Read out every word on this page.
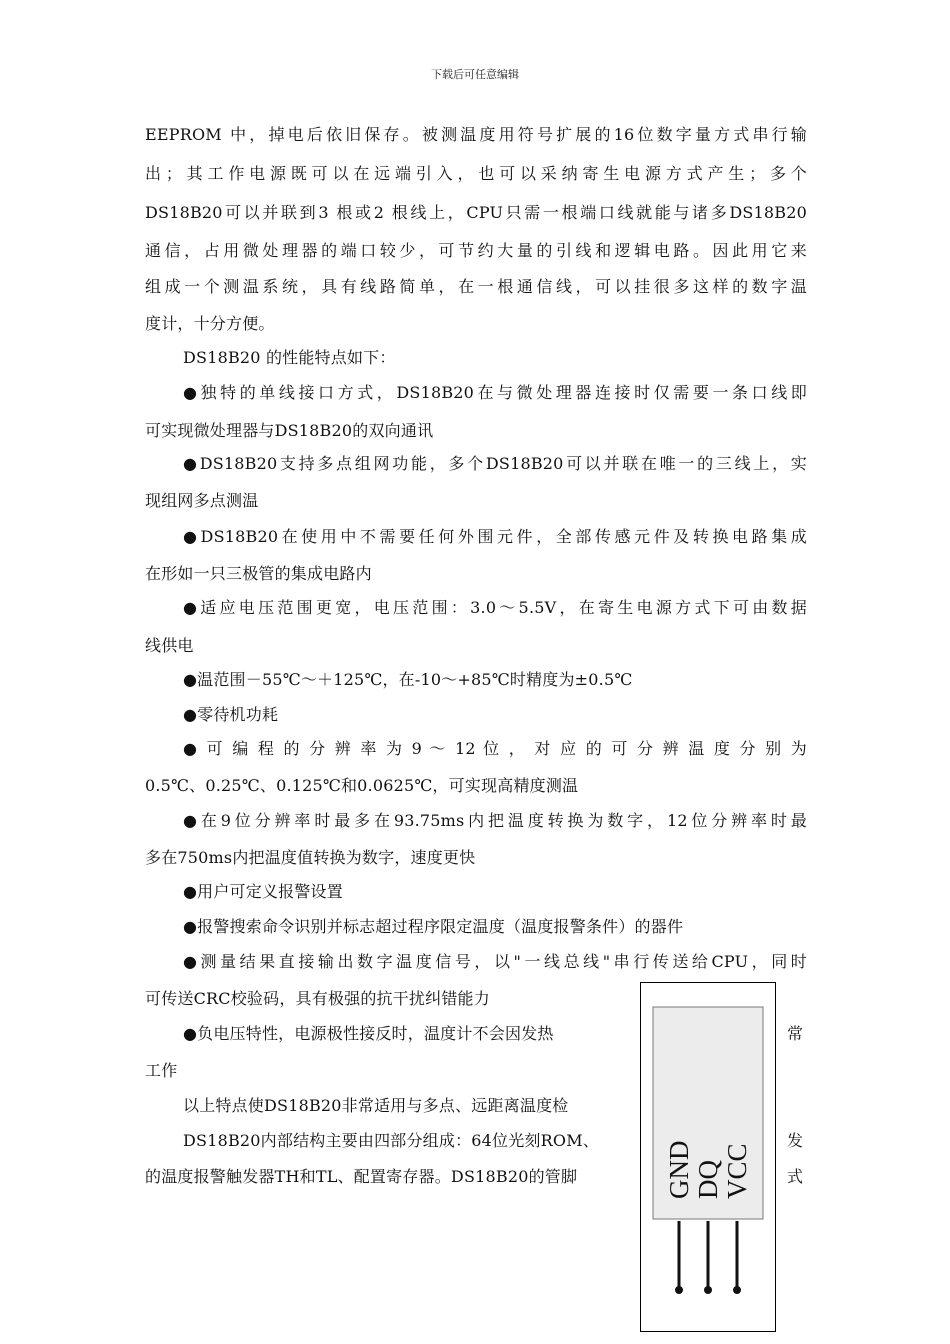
下载后可任意编辑
EEPROM 中，掉电后依旧保存。被测温度用符号扩展的16位数字量方式串行输
出；其工作电源既可以在远端引入，也可以采纳寄生电源方式产生；多个
DS18B20可以并联到3 根或2 根线上，CPU只需一根端口线就能与诸多DS18B20
通信，占用微处理器的端口较少，可节约大量的引线和逻辑电路。因此用它来
组成一个测温系统，具有线路简单，在一根通信线，可以挂很多这样的数字温
度计，十分方便。
DS18B20 的性能特点如下：
●独特的单线接口方式，DS18B20在与微处理器连接时仅需要一条口线即
可实现微处理器与DS18B20的双向通讯
●DS18B20支持多点组网功能，多个DS18B20可以并联在唯一的三线上，实
现组网多点测温
●DS18B20在使用中不需要任何外围元件，全部传感元件及转换电路集成
在形如一只三极管的集成电路内
●适应电压范围更宽，电压范围：3.0～5.5V，在寄生电源方式下可由数据
线供电
●温范围－55℃～＋125℃，在-10～+85℃时精度为±0.5℃
●零待机功耗
● 可 编 程 的 分 辨 率 为 9 ～ 12 位 ， 对 应 的 可 分 辨 温 度 分 别 为
0.5℃、0.25℃、0.125℃和0.0625℃，可实现高精度测温
●在9位分辨率时最多在93.75ms内把温度转换为数字，12位分辨率时最
多在750ms内把温度值转换为数字，速度更快
●用户可定义报警设置
●报警搜索命令识别并标志超过程序限定温度（温度报警条件）的器件
●测量结果直接输出数字温度信号，以"一线总线"串行传送给CPU，同时
可传送CRC校验码，具有极强的抗干扰纠错能力
●负电压特性，电源极性接反时，温度计不会因发热
工作
以上特点使DS18B20非常适用与多点、远距离温度检
DS18B20内部结构主要由四部分组成：64位光刻ROM、
的温度报警触发器TH和TL、配置寄存器。DS18B20的管脚
常
发
式
GND DQ VCC
